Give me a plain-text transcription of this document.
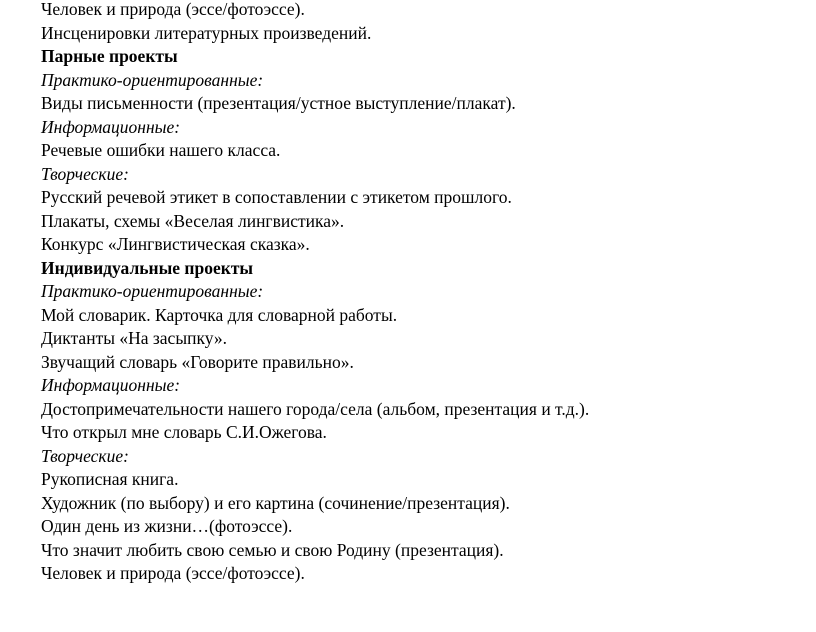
Человек и природа (эссе/фотоэссе).
Инсценировки литературных произведений.
Парные проекты
Практико-ориентированные:
Виды письменности (презентация/устное выступление/плакат).
Информационные:
Речевые ошибки нашего класса.
Творческие:
Русский речевой этикет в сопоставлении с этикетом прошлого.
Плакаты, схемы «Веселая лингвистика».
Конкурс «Лингвистическая сказка».
Индивидуальные проекты
Практико-ориентированные:
Мой словарик. Карточка для словарной работы.
Диктанты «На засыпку».
Звучащий словарь «Говорите правильно».
Информационные:
Достопримечательности нашего города/села (альбом, презентация и т.д.).
Что открыл мне словарь С.И.Ожегова.
Творческие:
Рукописная книга.
Художник (по выбору) и его картина (сочинение/презентация).
Один день из жизни…(фотоэссе).
Что значит любить свою семью и свою Родину (презентация).
Человек и природа (эссе/фотоэссе).
